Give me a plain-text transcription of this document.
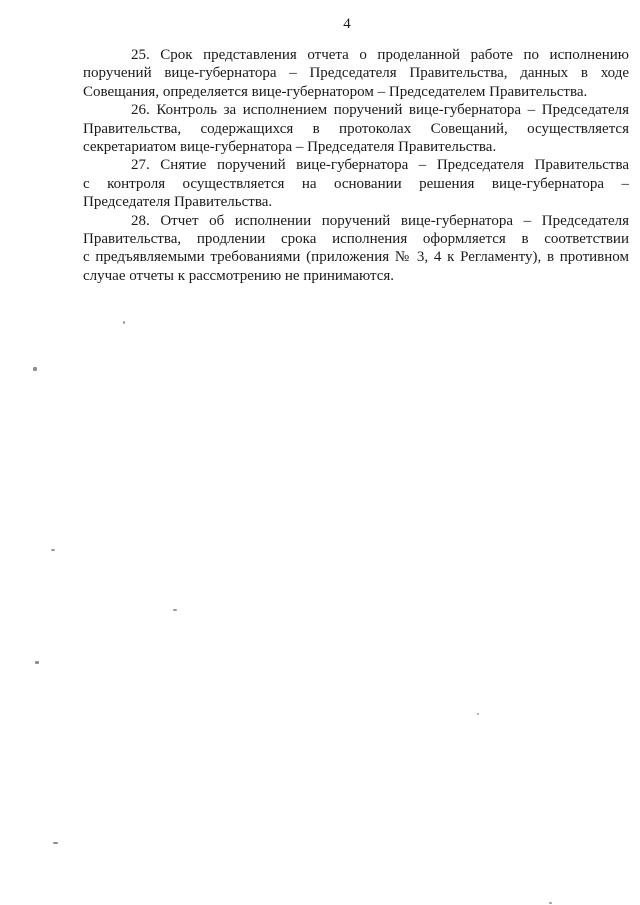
4
25. Срок представления отчета о проделанной работе по исполнению
поручений вице-губернатора – Председателя Правительства, данных в ходе
Совещания, определяется вице-губернатором – Председателем Правительства.
26. Контроль за исполнением поручений вице-губернатора – Председателя
Правительства, содержащихся в протоколах Совещаний, осуществляется
секретариатом вице-губернатора – Председателя Правительства.
27. Снятие поручений вице-губернатора – Председателя Правительства
с контроля осуществляется на основании решения вице-губернатора –
Председателя Правительства.
28. Отчет об исполнении поручений вице-губернатора – Председателя
Правительства, продлении срока исполнения оформляется в соответствии
с предъявляемыми требованиями (приложения № 3, 4 к Регламенту), в противном
случае отчеты к рассмотрению не принимаются.
